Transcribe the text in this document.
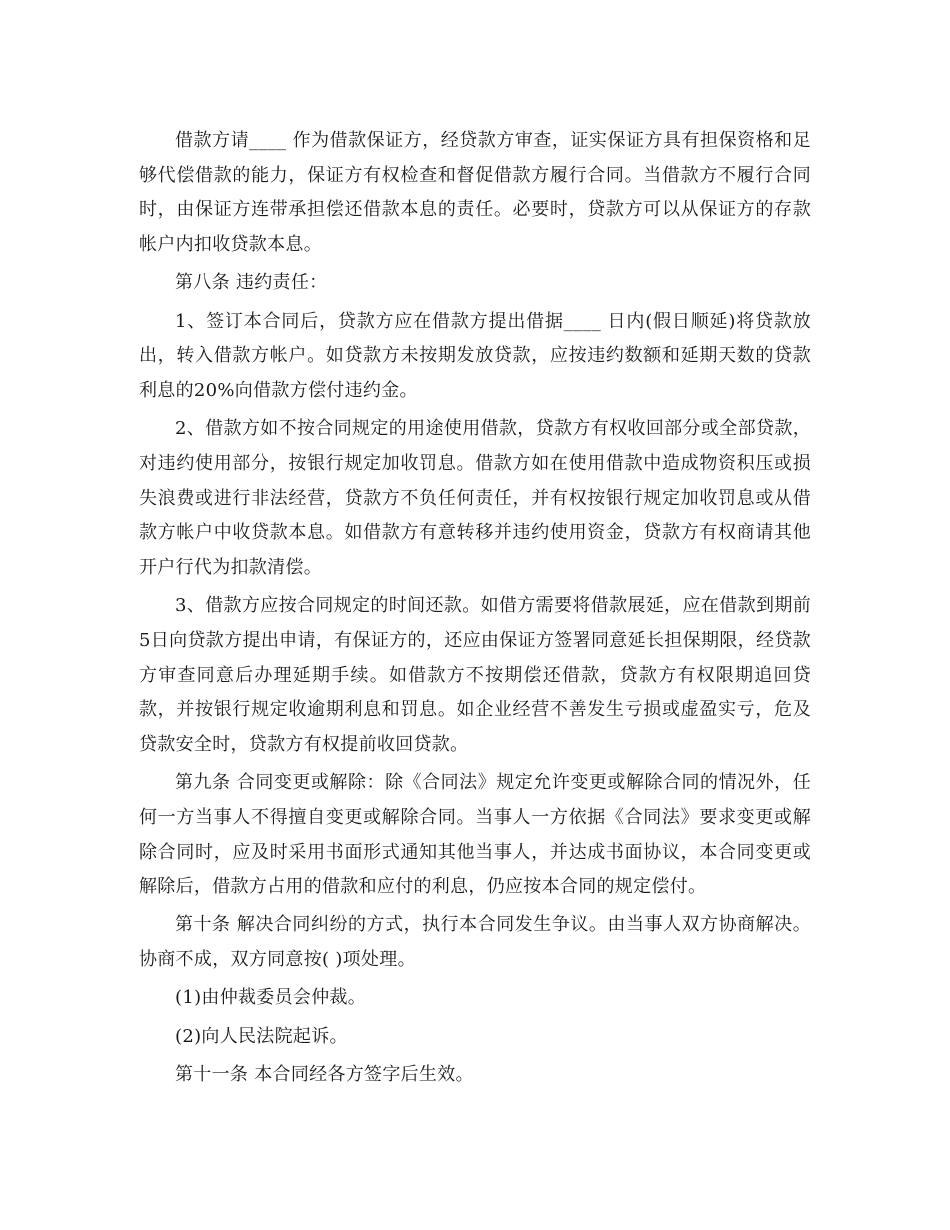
借款方请____ 作为借款保证方，经贷款方审查，证实保证方具有担保资格和足够代偿借款的能力，保证方有权检查和督促借款方履行合同。当借款方不履行合同时，由保证方连带承担偿还借款本息的责任。必要时，贷款方可以从保证方的存款帐户内扣收贷款本息。

第八条 违约责任：

1、签订本合同后，贷款方应在借款方提出借据____ 日内(假日顺延)将贷款放出，转入借款方帐户。如贷款方未按期发放贷款，应按违约数额和延期天数的贷款利息的20%向借款方偿付违约金。

2、借款方如不按合同规定的用途使用借款，贷款方有权收回部分或全部贷款，对违约使用部分，按银行规定加收罚息。借款方如在使用借款中造成物资积压或损失浪费或进行非法经营，贷款方不负任何责任，并有权按银行规定加收罚息或从借款方帐户中收贷款本息。如借款方有意转移并违约使用资金，贷款方有权商请其他开户行代为扣款清偿。

3、借款方应按合同规定的时间还款。如借方需要将借款展延，应在借款到期前5日向贷款方提出申请，有保证方的，还应由保证方签署同意延长担保期限，经贷款方审查同意后办理延期手续。如借款方不按期偿还借款，贷款方有权限期追回贷款，并按银行规定收逾期利息和罚息。如企业经营不善发生亏损或虚盈实亏，危及贷款安全时，贷款方有权提前收回贷款。

第九条 合同变更或解除：除《合同法》规定允许变更或解除合同的情况外，任何一方当事人不得擅自变更或解除合同。当事人一方依据《合同法》要求变更或解除合同时，应及时采用书面形式通知其他当事人，并达成书面协议，本合同变更或解除后，借款方占用的借款和应付的利息，仍应按本合同的规定偿付。

第十条 解决合同纠纷的方式，执行本合同发生争议。由当事人双方协商解决。协商不成，双方同意按( )项处理。

(1)由仲裁委员会仲裁。

(2)向人民法院起诉。

第十一条 本合同经各方签字后生效。
